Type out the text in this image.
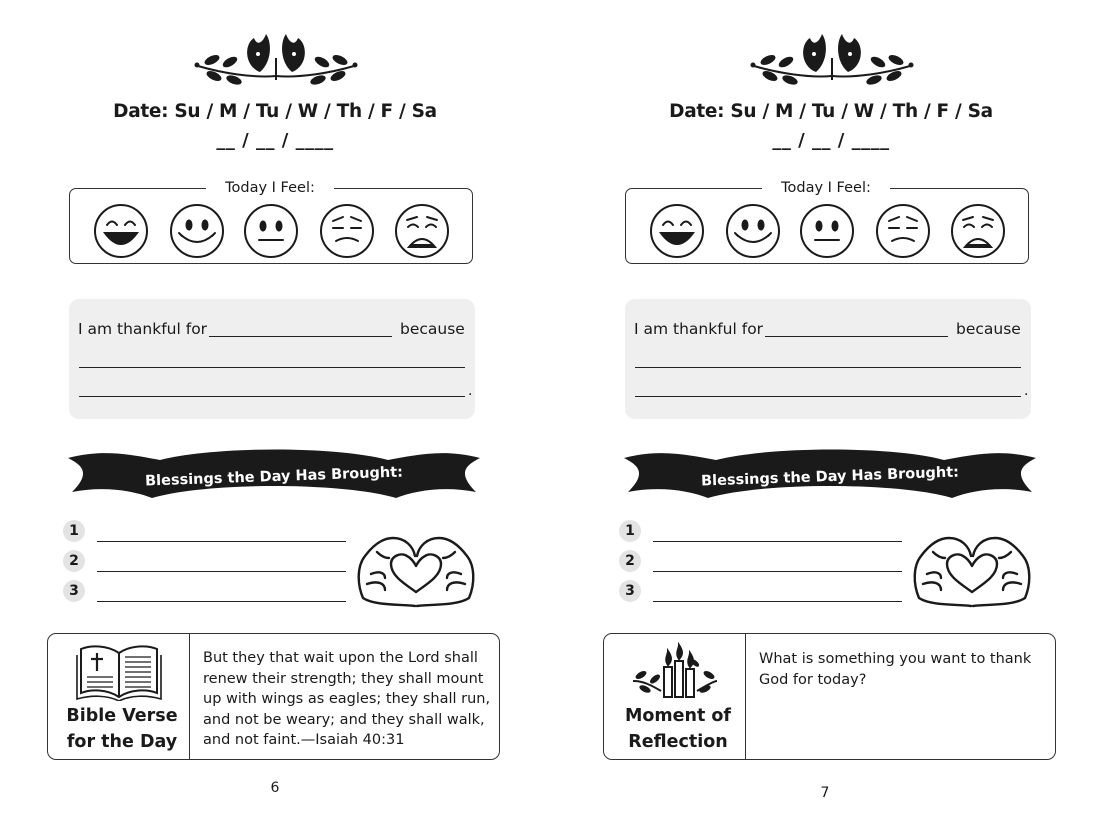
Date: Su / M / Tu / W / Th / F / Sa
__ / __ / ____
Today I Feel:
I am thankful for	because
.
Blessings the Day Has Brought:
1
2
3
Bible Verse
for the Day
But they that wait upon the Lord shall renew their strength; they shall mount up with wings as eagles; they shall run, and not be weary; and they shall walk, and not faint.—Isaiah 40:31
6
Date: Su / M / Tu / W / Th / F / Sa
__ / __ / ____
Today I Feel:
I am thankful for	because
.
Blessings the Day Has Brought:
1
2
3
Moment of
Reflection
What is something you want to thank God for today?
7
